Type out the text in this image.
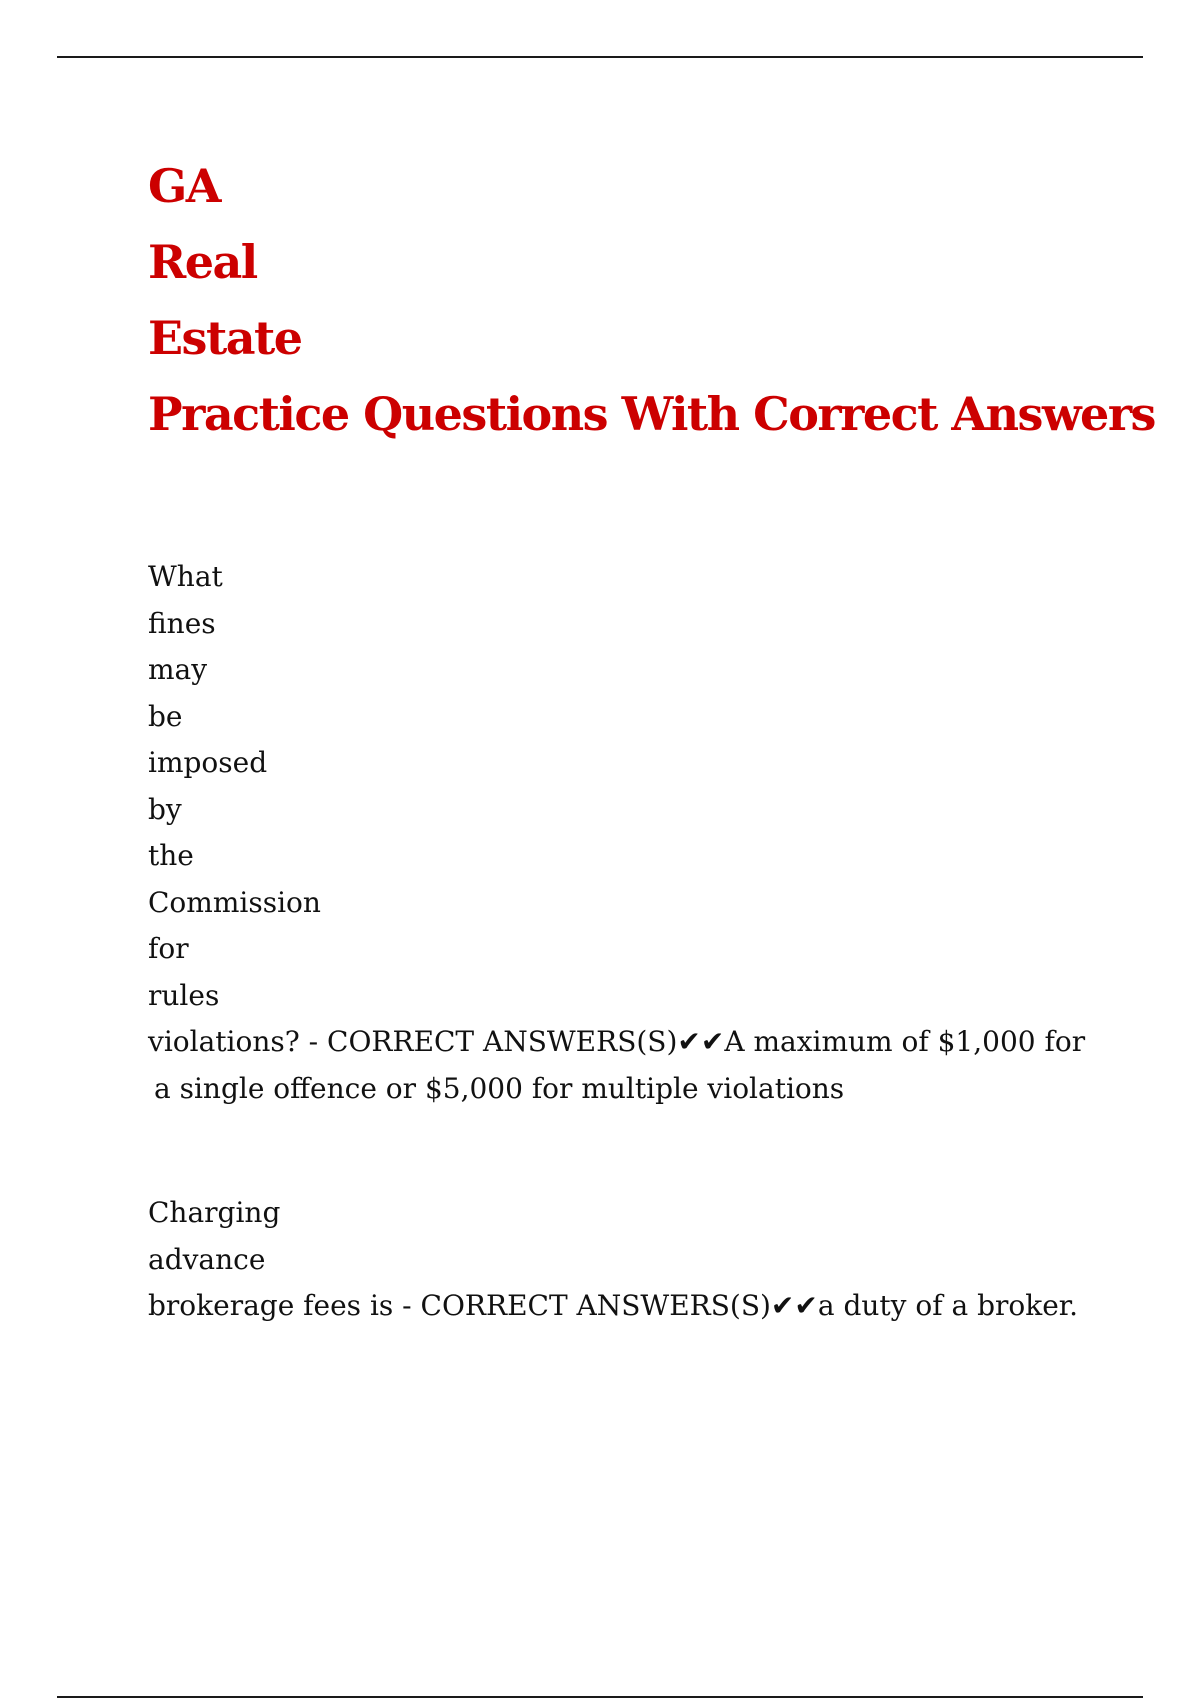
GA
Real
Estate
Practice Questions With Correct Answers
What
fines
may
be
imposed
by
the
Commission
for
rules
violations? - CORRECT ANSWERS(S)✔✔A maximum of $1,000 for
a single offence or $5,000 for multiple violations
Charging
advance
brokerage fees is - CORRECT ANSWERS(S)✔✔a duty of a broker.
